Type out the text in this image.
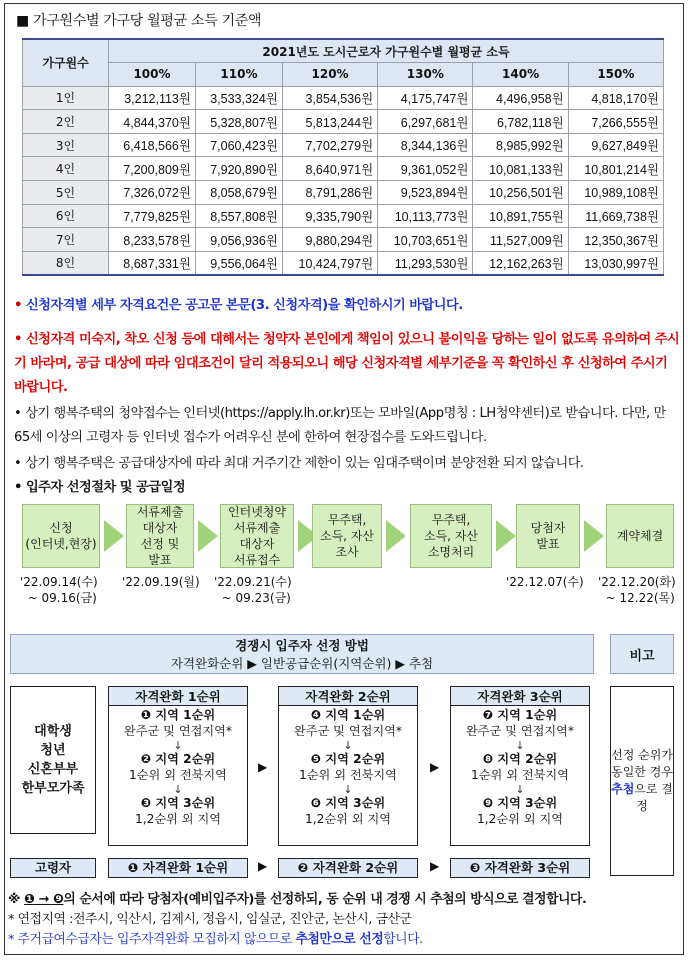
■ 가구원수별 가구당 월평균 소득 기준액
가구원수	2021년도 도시근로자 가구원수별 월평균 소득					
	100%	110%	120%	130%	140%	150%
1인	3,212,113원	3,533,324원	3,854,536원	4,175,747원	4,496,958원	4,818,170원
2인	4,844,370원	5,328,807원	5,813,244원	6,297,681원	6,782,118원	7,266,555원
3인	6,418,566원	7,060,423원	7,702,279원	8,344,136원	8,985,992원	9,627,849원
4인	7,200,809원	7,920,890원	8,640,971원	9,361,052원	10,081,133원	10,801,214원
5인	7,326,072원	8,058,679원	8,791,286원	9,523,894원	10,256,501원	10,989,108원
6인	7,779,825원	8,557,808원	9,335,790원	10,113,773원	10,891,755원	11,669,738원
7인	8,233,578원	9,056,936원	9,880,294원	10,703,651원	11,527,009원	12,350,367원
8인	8,687,331원	9,556,064원	10,424,797원	11,293,530원	12,162,263원	13,030,997원
• 신청자격별 세부 자격요건은 공고문 본문(3. 신청자격)을 확인하시기 바랍니다.
• 신청자격 미숙지, 착오 신청 등에 대해서는 청약자 본인에게 책임이 있으니 불이익을 당하는 일이 없도록 유의하여 주시기 바라며, 공급 대상에 따라 임대조건이 달리 적용되오니 해당 신청자격별 세부기준을 꼭 확인하신 후 신청하여 주시기 바랍니다.
• 상기 행복주택의 청약접수는 인터넷(https://apply.lh.or.kr)또는 모바일(App명칭 : LH청약센터)로 받습니다. 다만, 만 65세 이상의 고령자 등 인터넷 접수가 어려우신 분에 한하여 현장접수를 도와드립니다.
• 상기 행복주택은 공급대상자에 따라 최대 거주기간 제한이 있는 임대주택이며 분양전환 되지 않습니다.
• 입주자 선정절차 및 공급일정
신청
(인터넷,현장)
서류제출
대상자
선정 및
발표
인터넷청약
서류제출
대상자
서류접수
무주택,
소득, 자산
조사
무주택,
소득, 자산
소명처리
당첨자
발표
계약체결
'22.09.14(수)
~ 09.16(금)
'22.09.19(월) '22.09.21(수)
~ 09.23(금)
'22.12.07(수) '22.12.20(화)
~ 12.22(목)
경쟁시 입주자 선정 방법
자격완화순위 ▶ 일반공급순위(지역순위) ▶ 추첨	비고
대학생
청년
신혼부부
한부모가족
자격완화 1순위
❶ 지역 1순위
완주군 및 연접지역*
↓
❷ 지역 2순위
1순위 외 전북지역
↓
❸ 지역 3순위
1,2순위 외 지역
▶
자격완화 2순위
❹ 지역 1순위
완주군 및 연접지역*
↓
❺ 지역 2순위
1순위 외 전북지역
↓
❻ 지역 3순위
1,2순위 외 지역
▶
자격완화 3순위
❼ 지역 1순위
완주군 및 연접지역*
↓
❽ 지역 2순위
1순위 외 전북지역
↓
❾ 지역 3순위
1,2순위 외 지역
선정 순위가 동일한 경우
추첨으로 결정
고령자	❶ 자격완화 1순위	▶	❷ 자격완화 2순위	▶	❸ 자격완화 3순위
※ ❶ → ❾의 순서에 따라 당첨자(예비입주자)를 선정하되, 동 순위 내 경쟁 시 추첨의 방식으로 결정합니다.
* 연접지역 :전주시, 익산시, 김제시, 정읍시, 임실군, 진안군, 논산시, 금산군
* 주거급여수급자는 입주자격완화 모집하지 않으므로 추첨만으로 선정합니다.
